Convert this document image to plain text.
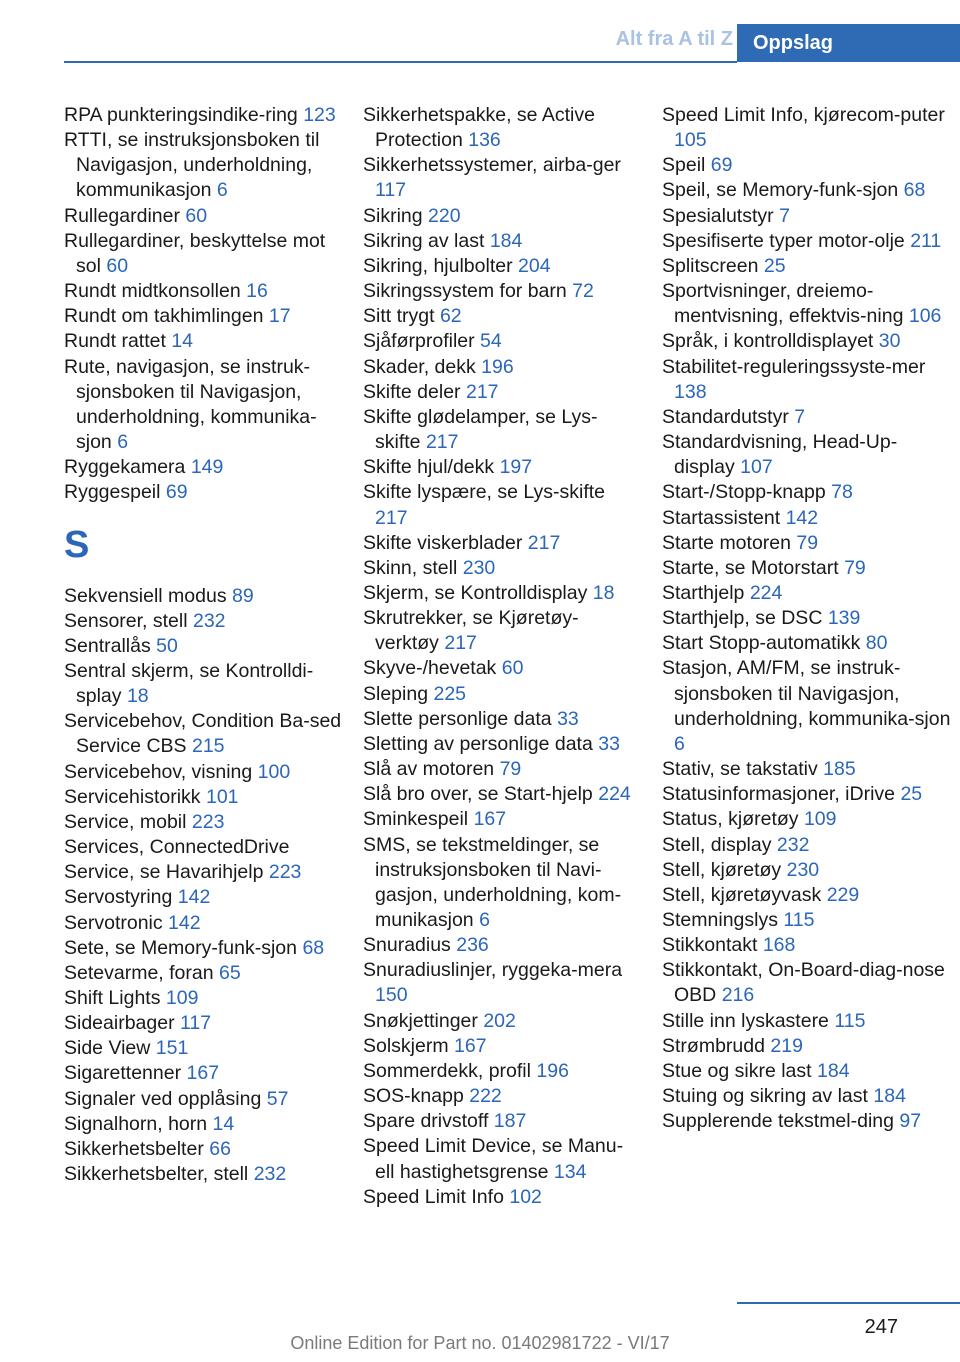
Alt fra A til Z	Oppslag
RPA punkteringsindike-ring 123
RTTI, se instruksjonsboken til Navigasjon, underholdning, kommunikasjon 6
Rullegardiner 60
Rullegardiner, beskyttelse mot sol 60
Rundt midtkonsollen 16
Rundt om takhimlingen 17
Rundt rattet 14
Rute, navigasjon, se instruk-sjonsboken til Navigasjon, underholdning, kommunika-sjon 6
Ryggekamera 149
Ryggespeil 69
S
Sekvensiell modus 89
Sensorer, stell 232
Sentrallås 50
Sentral skjerm, se Kontrolldi-splay 18
Servicebehov, Condition Ba-sed Service CBS 215
Servicebehov, visning 100
Servicehistorikk 101
Service, mobil 223
Services, ConnectedDrive
Service, se Havarihjelp 223
Servostyring 142
Servotronic 142
Sete, se Memory-funk-sjon 68
Setevarme, foran 65
Shift Lights 109
Sideairbager 117
Side View 151
Sigarettenner 167
Signaler ved opplåsing 57
Signalhorn, horn 14
Sikkerhetsbelter 66
Sikkerhetsbelter, stell 232
Sikkerhetspakke, se Active Protection 136
Sikkerhetssystemer, airba-ger 117
Sikring 220
Sikring av last 184
Sikring, hjulbolter 204
Sikringssystem for barn 72
Sitt trygt 62
Sjåførprofiler 54
Skader, dekk 196
Skifte deler 217
Skifte glødelamper, se Lys-skifte 217
Skifte hjul/dekk 197
Skifte lyspære, se Lys-skifte 217
Skifte viskerblader 217
Skinn, stell 230
Skjerm, se Kontrolldisplay 18
Skrutrekker, se Kjøretøy-verktøy 217
Skyve-/hevetak 60
Sleping 225
Slette personlige data 33
Sletting av personlige data 33
Slå av motoren 79
Slå bro over, se Start-hjelp 224
Sminkespeil 167
SMS, se tekstmeldinger, se instruksjonsboken til Navi-gasjon, underholdning, kom-munikasjon 6
Snuradius 236
Snuradiuslinjer, ryggeka-mera 150
Snøkjettinger 202
Solskjerm 167
Sommerdekk, profil 196
SOS-knapp 222
Spare drivstoff 187
Speed Limit Device, se Manu-ell hastighetsgrense 134
Speed Limit Info 102
Speed Limit Info, kjørecom-puter 105
Speil 69
Speil, se Memory-funk-sjon 68
Spesialutstyr 7
Spesifiserte typer motor-olje 211
Splitscreen 25
Sportvisninger, dreiemo-mentvisning, effektvis-ning 106
Språk, i kontrolldisplayet 30
Stabilitet-reguleringssyste-mer 138
Standardutstyr 7
Standardvisning, Head-Up-display 107
Start-/Stopp-knapp 78
Startassistent 142
Starte motoren 79
Starte, se Motorstart 79
Starthjelp 224
Starthjelp, se DSC 139
Start Stopp-automatikk 80
Stasjon, AM/FM, se instruk-sjonsboken til Navigasjon, underholdning, kommunika-sjon 6
Stativ, se takstativ 185
Statusinformasjoner, iDrive 25
Status, kjøretøy 109
Stell, display 232
Stell, kjøretøy 230
Stell, kjøretøyvask 229
Stemningslys 115
Stikkontakt 168
Stikkontakt, On-Board-diag-nose OBD 216
Stille inn lyskastere 115
Strømbrudd 219
Stue og sikre last 184
Stuing og sikring av last 184
Supplerende tekstmel-ding 97
247
Online Edition for Part no. 01402981722 - VI/17
